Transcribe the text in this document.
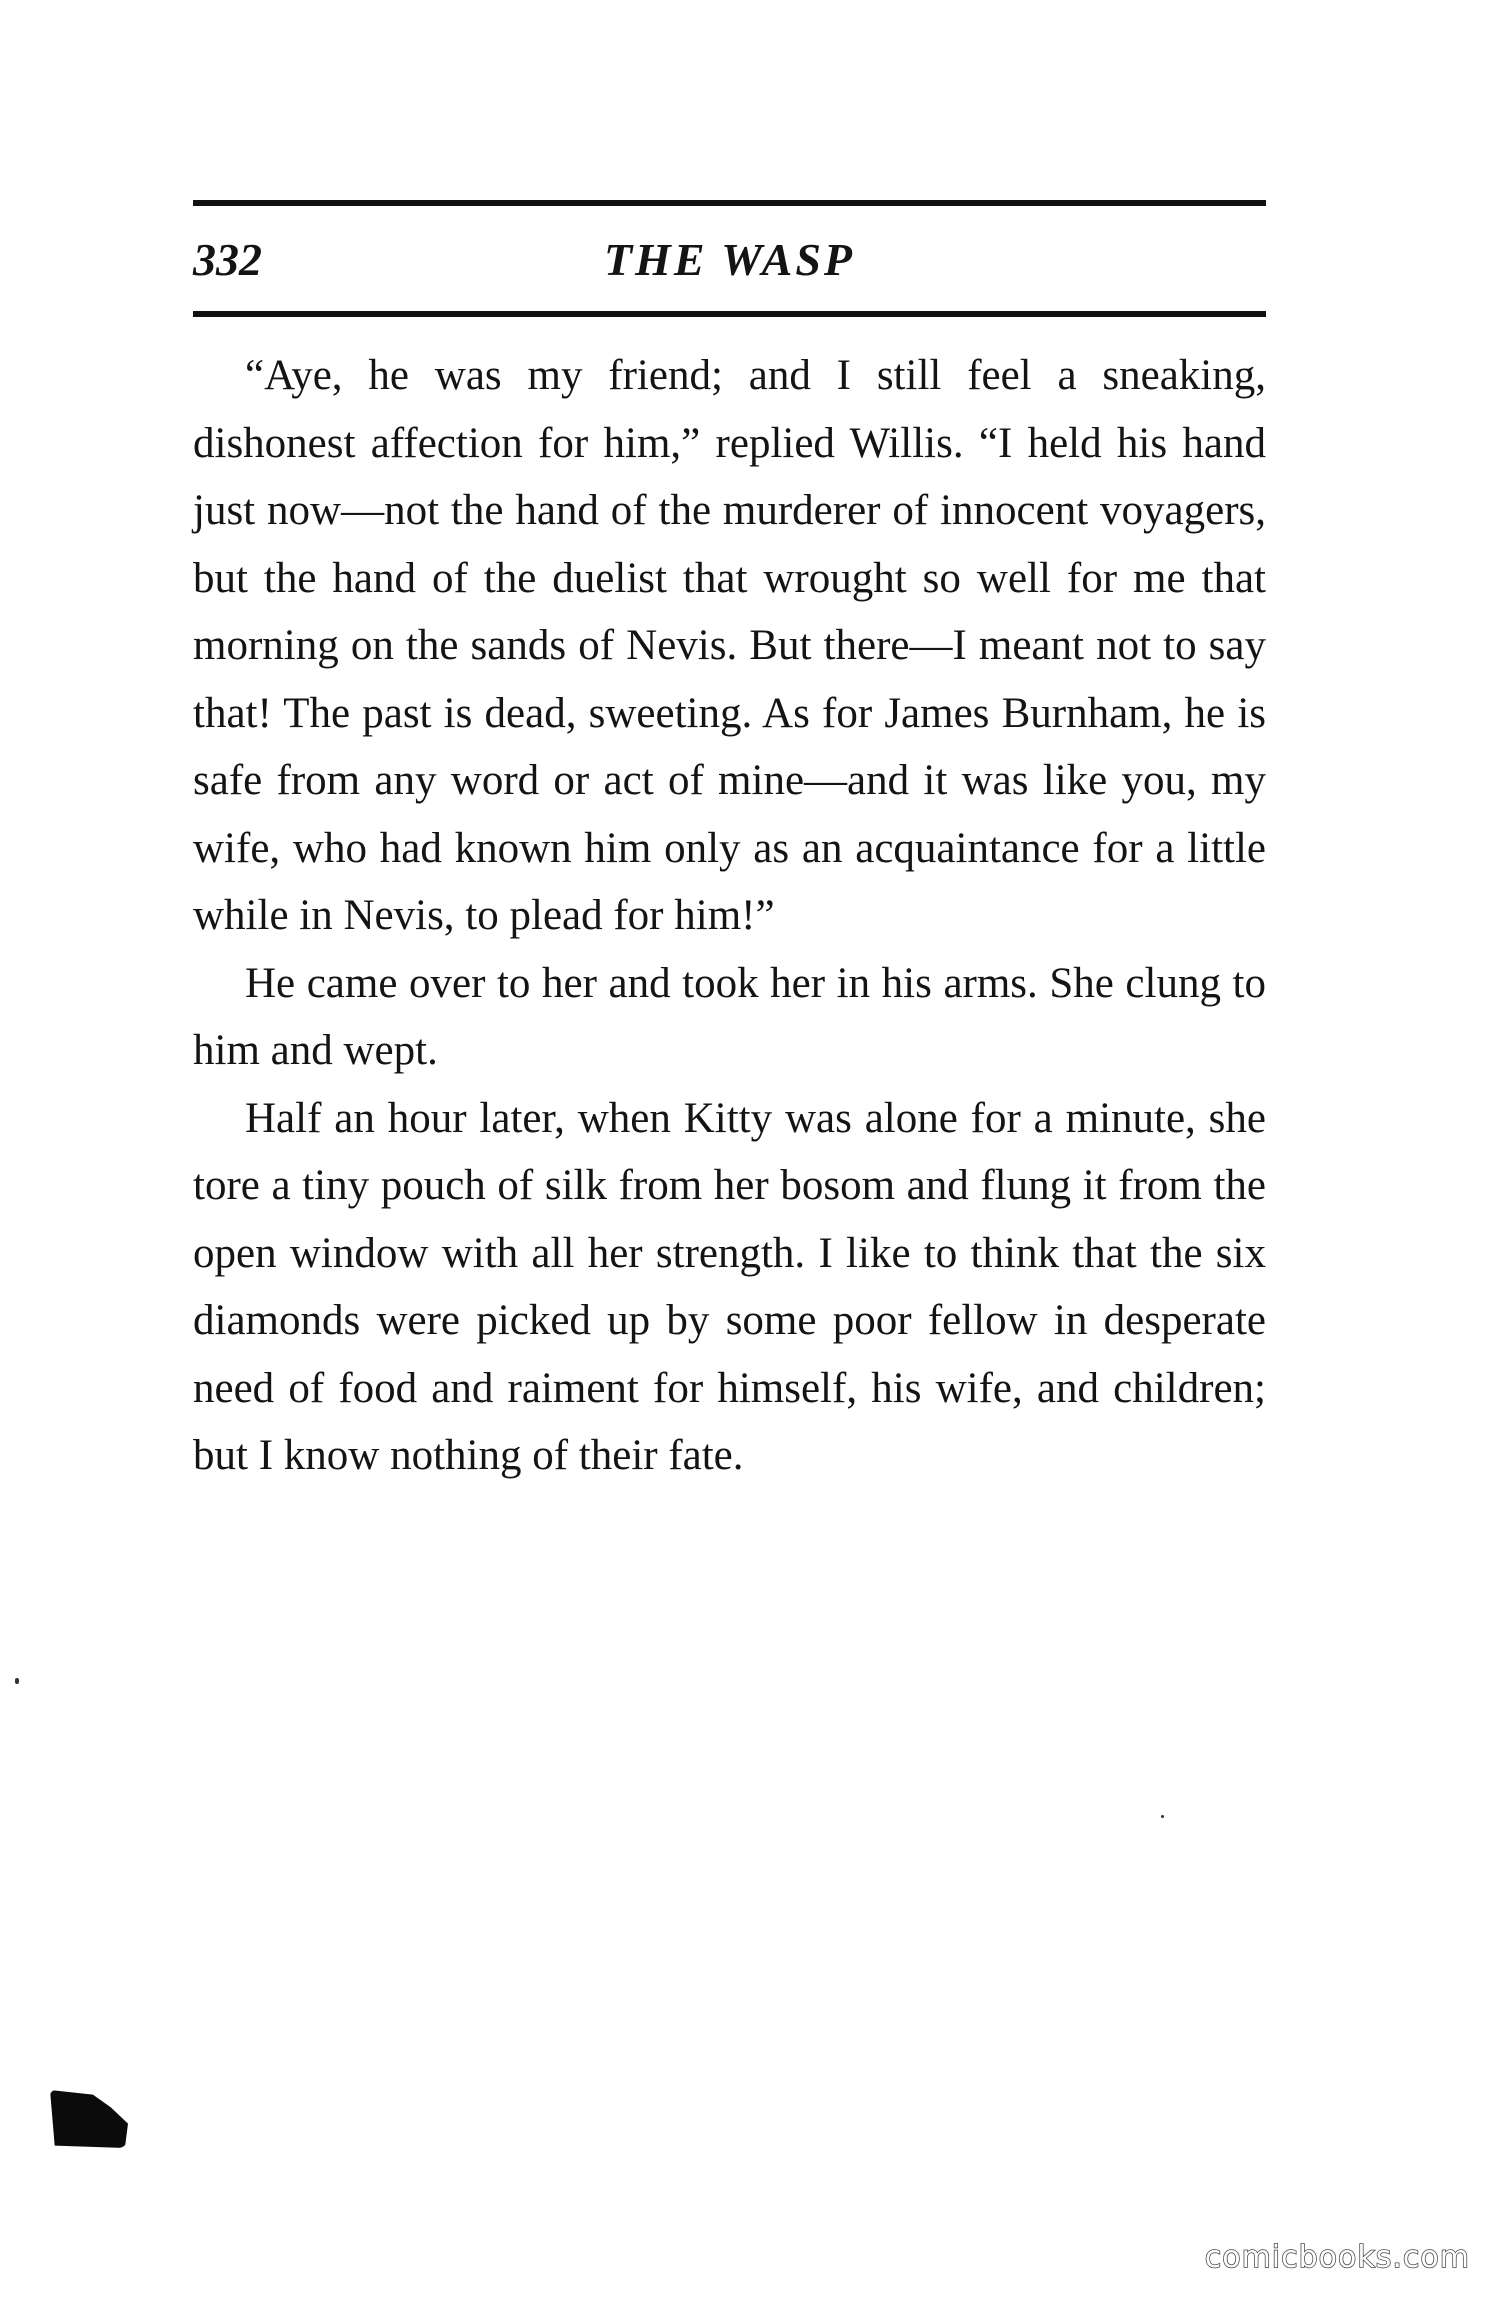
332	THE WASP

“Aye, he was my friend; and I still feel a sneaking, dishonest affection for him,” replied Willis. “I held his hand just now—not the hand of the murderer of innocent voyagers, but the hand of the duelist that wrought so well for me that morning on the sands of Nevis. But there—I meant not to say that! The past is dead, sweeting. As for James Burnham, he is safe from any word or act of mine—and it was like you, my wife, who had known him only as an acquaintance for a little while in Nevis, to plead for him!”

He came over to her and took her in his arms. She clung to him and wept.

Half an hour later, when Kitty was alone for a minute, she tore a tiny pouch of silk from her bosom and flung it from the open window with all her strength. I like to think that the six diamonds were picked up by some poor fellow in desperate need of food and raiment for himself, his wife, and children; but I know nothing of their fate.

comicbooks.com
